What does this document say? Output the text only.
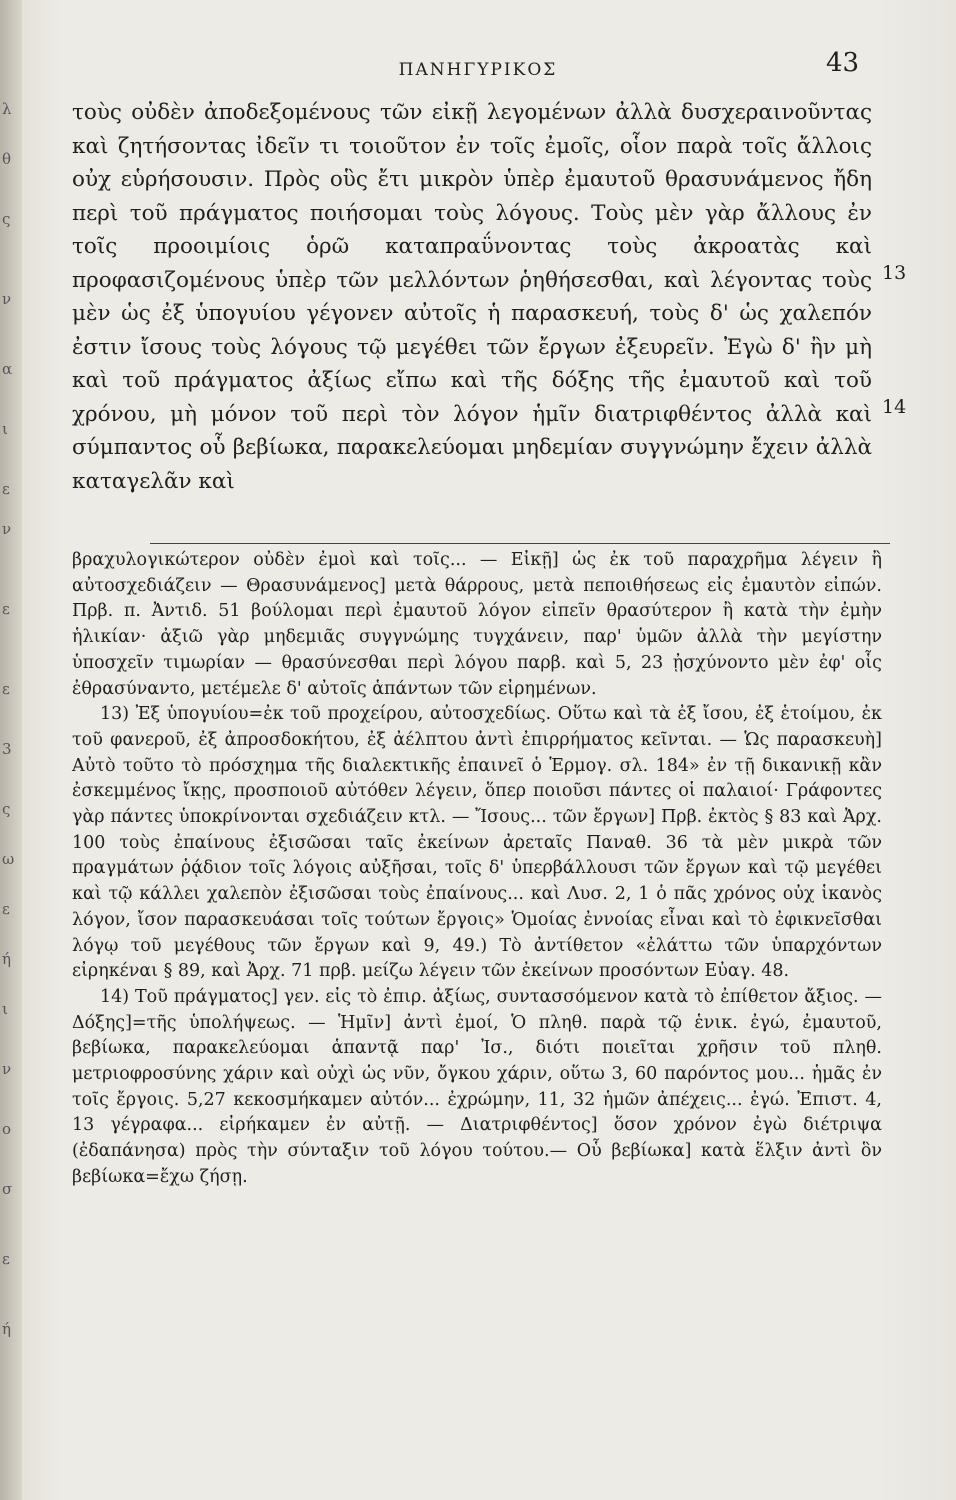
λ
θ
ς
ν
α
ι
ε
ν
ε
ε
3
ς
ω
ε
ή
ι
ν
ο
σ
ε
ή
ΠΑΝΗΓΥΡΙΚΟΣ	43

τοὺς οὐδὲν ἀποδεξομένους τῶν εἰκῇ λεγομένων ἀλλὰ δυσχεραινοῦντας καὶ ζητήσοντας ἰδεῖν τι τοιοῦτον ἐν τοῖς ἐμοῖς, οἷον παρὰ τοῖς ἄλλοις οὐχ εὑρήσουσιν. Πρὸς οὓς ἔτι μικρὸν ὑπὲρ ἐμαυτοῦ θρασυνάμενος ἤδη περὶ τοῦ πράγματος ποιήσομαι τοὺς λόγους. Τοὺς μὲν γὰρ ἄλλους ἐν τοῖς προοιμίοις ὁρῶ καταπραΰνοντας τοὺς ἀκροατὰς καὶ προφασιζομένους ὑπὲρ τῶν μελλόντων ῥηθήσεσθαι, καὶ λέγοντας τοὺς μὲν ὡς ἐξ ὑπογυίου γέγονεν αὐτοῖς ἡ παρασκευή, τοὺς δ' ὡς χαλεπόν ἐστιν ἴσους τοὺς λόγους τῷ μεγέθει τῶν ἔργων ἐξευρεῖν. Ἐγὼ δ' ἢν μὴ καὶ τοῦ πράγματος ἀξίως εἴπω καὶ τῆς δόξης τῆς ἐμαυτοῦ καὶ τοῦ χρόνου, μὴ μόνον τοῦ περὶ τὸν λόγον ἡμῖν διατριφθέντος ἀλλὰ καὶ σύμπαντος οὗ βεβίωκα, παρακελεύομαι μηδεμίαν συγγνώμην ἔχειν ἀλλὰ καταγελᾶν καὶ

13
14

βραχυλογικώτερον οὐδὲν ἐμοὶ καὶ τοῖς... — Εἰκῇ] ὡς ἐκ τοῦ παραχρῆμα λέγειν ἢ αὐτοσχεδιάζειν — Θρασυνάμενος] μετὰ θάρρους, μετὰ πεποιθήσεως εἰς ἐμαυτὸν εἰπών. Πρβ. π. Ἀντιδ. 51 βούλομαι περὶ ἐμαυτοῦ λόγον εἰπεῖν θρασύτερον ἢ κατὰ τὴν ἐμὴν ἡλικίαν· ἀξιῶ γὰρ μηδεμιᾶς συγγνώμης τυγχάνειν, παρ' ὑμῶν ἀλλὰ τὴν μεγίστην ὑποσχεῖν τιμωρίαν — θρασύνεσθαι περὶ λόγου παρβ. καὶ 5, 23 ᾐσχύνοντο μὲν ἐφ' οἷς ἐθρασύναντο, μετέμελε δ' αὐτοῖς ἁπάντων τῶν εἰρημένων.

13) Ἐξ ὑπογυίου=ἐκ τοῦ προχείρου, αὐτοσχεδίως. Οὕτω καὶ τὰ ἐξ ἴσου, ἐξ ἑτοίμου, ἐκ τοῦ φανεροῦ, ἐξ ἀπροσδοκήτου, ἐξ ἀέλπτου ἀντὶ ἐπιρρήματος κεῖνται. — Ὡς παρασκευὴ] Αὐτὸ τοῦτο τὸ πρόσχημα τῆς διαλεκτικῆς ἐπαινεῖ ὁ Ἑρμογ. σλ. 184» ἐν τῇ δικανικῇ κἂν ἐσκεμμένος ἴκῃς, προσποιοῦ αὐτόθεν λέγειν, ὅπερ ποιοῦσι πάντες οἱ παλαιοί· Γράφοντες γὰρ πάντες ὑποκρίνονται σχεδιάζειν κτλ. — Ἴσους... τῶν ἔργων] Πρβ. ἐκτὸς § 83 καὶ Ἀρχ. 100 τοὺς ἐπαίνους ἐξισῶσαι ταῖς ἐκείνων ἀρεταῖς Παναθ. 36 τὰ μὲν μικρὰ τῶν πραγμάτων ῥᾴδιον τοῖς λόγοις αὐξῆσαι, τοῖς δ' ὑπερβάλλουσι τῶν ἔργων καὶ τῷ μεγέθει καὶ τῷ κάλλει χαλεπὸν ἐξισῶσαι τοὺς ἐπαίνους... καὶ Λυσ. 2, 1 ὁ πᾶς χρόνος οὐχ ἱκανὸς λόγον, ἴσον παρασκευάσαι τοῖς τούτων ἔργοις» Ὁμοίας ἐννοίας εἶναι καὶ τὸ ἐφικνεῖσθαι λόγῳ τοῦ μεγέθους τῶν ἔργων καὶ 9, 49.) Τὸ ἀντίθετον «ἐλάττω τῶν ὑπαρχόντων εἰρηκέναι § 89, καὶ Ἀρχ. 71 πρβ. μείζω λέγειν τῶν ἐκείνων προσόντων Εὐαγ. 48.

14) Τοῦ πράγματος] γεν. εἰς τὸ ἐπιρ. ἀξίως, συντασσόμενον κατὰ τὸ ἐπίθετον ἄξιος. — Δόξης]=τῆς ὑπολήψεως. — Ἡμῖν] ἀντὶ ἐμοί, Ὁ πληθ. παρὰ τῷ ἑνικ. ἐγώ, ἐμαυτοῦ, βεβίωκα, παρακελεύομαι ἁπαντᾷ παρ' Ἰσ., διότι ποιεῖται χρῆσιν τοῦ πληθ. μετριοφροσύνης χάριν καὶ οὐχὶ ὡς νῦν, ὄγκου χάριν, οὕτω 3, 60 παρόντος μου... ἡμᾶς ἐν τοῖς ἔργοις. 5,27 κεκοσμήκαμεν αὐτόν... ἐχρώμην, 11, 32 ἡμῶν ἀπέχεις... ἐγώ. Ἐπιστ. 4, 13 γέγραφα... εἰρήκαμεν ἐν αὐτῇ. — Διατριφθέντος] ὅσον χρόνον ἐγὼ διέτριψα (ἐδαπάνησα) πρὸς τὴν σύνταξιν τοῦ λόγου τούτου.— Οὗ βεβίωκα] κατὰ ἕλξιν ἀντὶ ὃν βεβίωκα=ἔχω ζήσῃ.
